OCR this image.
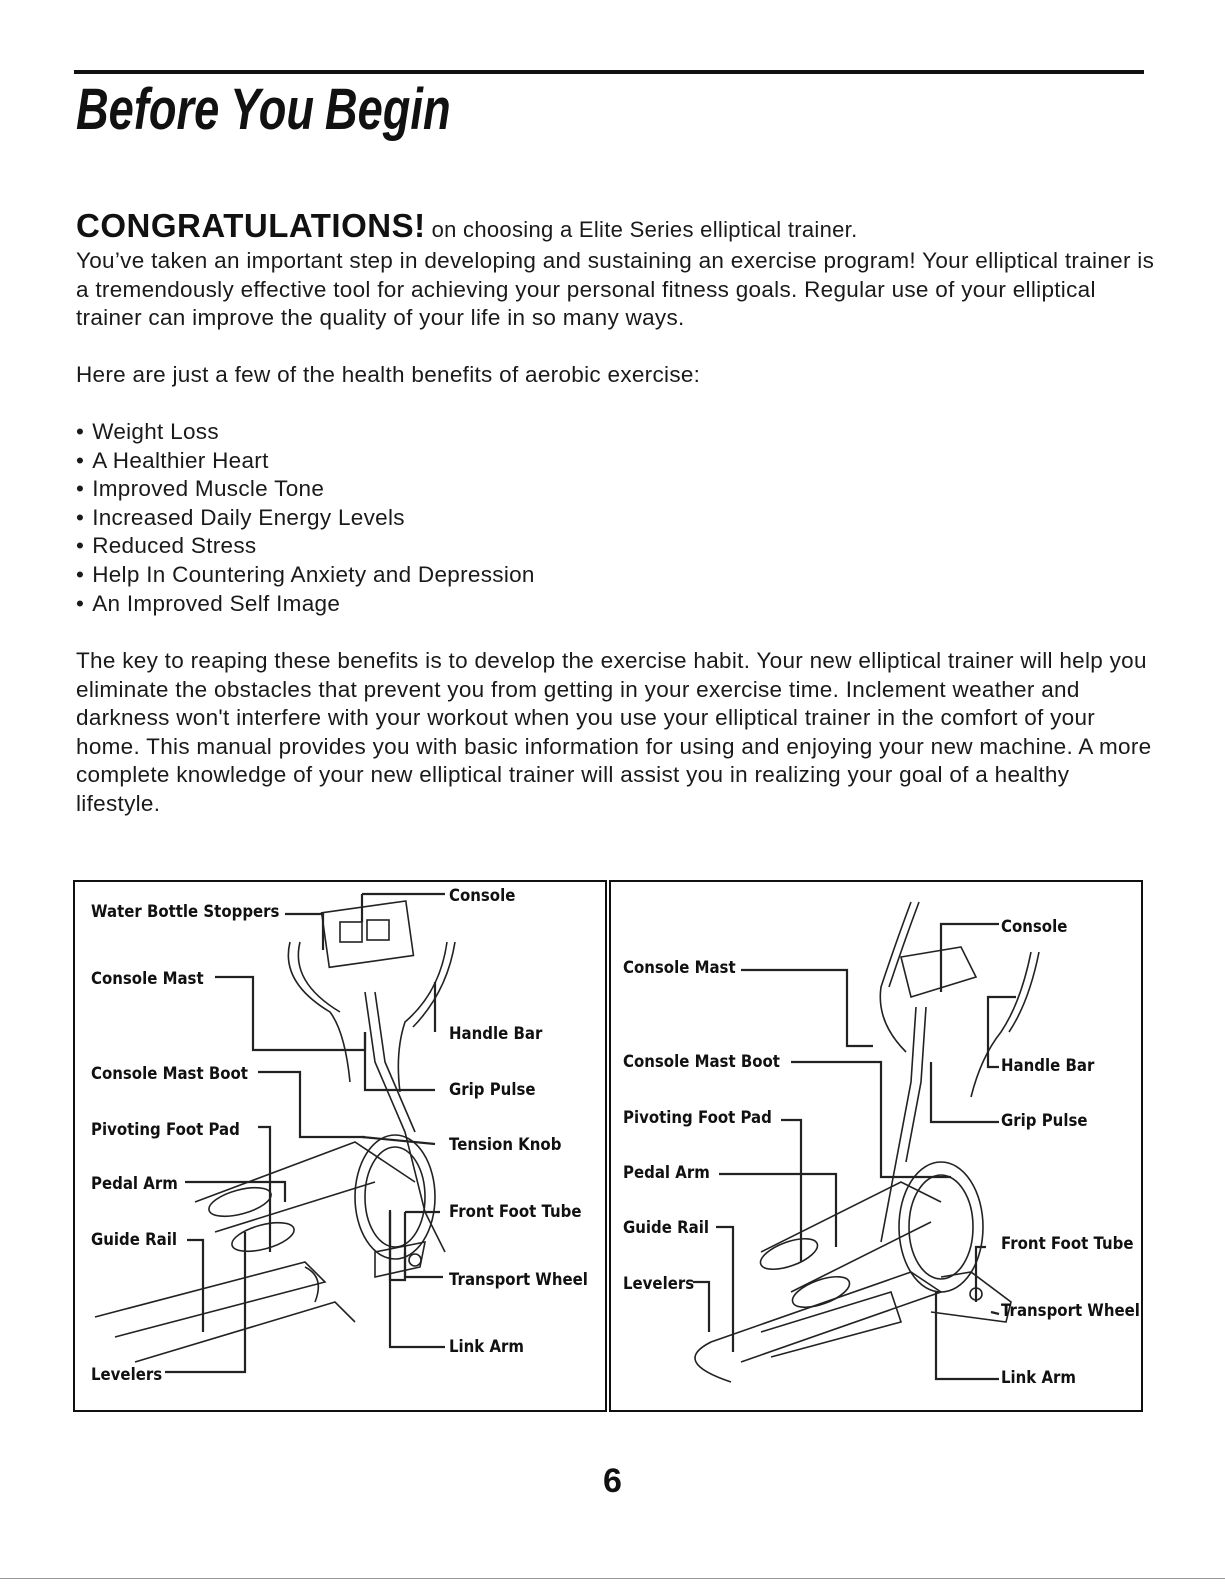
Before You Begin
CONGRATULATIONS! on choosing a Elite Series elliptical trainer.

You’ve taken an important step in developing and sustaining an exercise program! Your elliptical trainer is a tremendously effective tool for achieving your personal fitness goals. Regular use of your elliptical trainer can improve the quality of your life in so many ways.

Here are just a few of the health benefits of aerobic exercise:

• Weight Loss
• A Healthier Heart
• Improved Muscle Tone
• Increased Daily Energy Levels
• Reduced Stress
• Help In Countering Anxiety and Depression
• An Improved Self Image

The key to reaping these benefits is to develop the exercise habit. Your new elliptical trainer will help you eliminate the obstacles that prevent you from getting in your exercise time. Inclement weather and darkness won't interfere with your workout when you use your elliptical trainer in the comfort of your home. This manual provides you with basic information for using and enjoying your new machine. A more complete knowledge of your new elliptical trainer will assist you in realizing your goal of a healthy lifestyle.

Water Bottle Stoppers
Console
Console Mast
Handle Bar
Console Mast Boot
Grip Pulse
Pivoting Foot Pad
Tension Knob
Pedal Arm
Front Foot Tube
Guide Rail
Transport Wheel
Link Arm
Levelers
Console Mast
Console
Console Mast Boot	Handle Bar
Pivoting Foot Pad	Grip Pulse
Pedal Arm
Guide Rail
Front Foot Tube
Levelers
Transport Wheel
Link Arm
6
